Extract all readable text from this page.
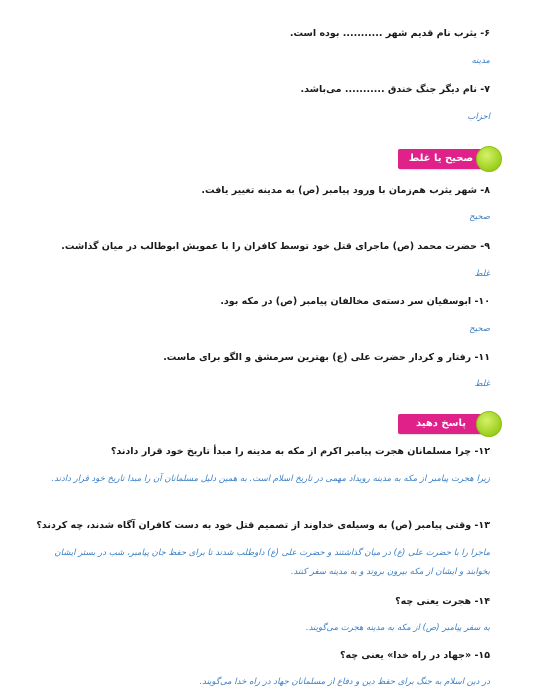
۶- یثرب نام قدیم شهر ........... بوده است.
مدینه
۷- نام دیگر جنگ خندق ........... می‌باشد.
احزاب
صحیح یا غلط
۸- شهر یثرب هم‌زمان با ورود پیامبر (ص) به مدینه تغییر یافت.
صحیح
۹- حضرت محمد (ص) ماجرای قتل خود توسط کافران را با عمویش ابوطالب در میان گذاشت.
غلط
۱۰- ابوسفیان سر دسته‌ی مخالفان پیامبر (ص) در مکه بود.
صحیح
۱۱- رفتار و کردار حضرت علی (ع) بهترین سرمشق و الگو برای ماست.
غلط
پاسخ دهید
۱۲- چرا مسلمانان هجرت پیامبر اکرم از مکه به مدینه را مبدأ تاریخ خود قرار دادند؟
زیرا هجرت پیامبر از مکه به مدینه رویداد مهمی در تاریخ اسلام است. به همین دلیل مسلمانان آن را مبدا تاریخ خود قرار دادند.
۱۳- وقتی پیامبر (ص) به وسیله‌ی خداوند از تصمیم قتل خود به دست کافران آگاه شدند، چه کردند؟
ماجرا را با حضرت علی (ع) در میان گذاشتند و حضرت علی (ع) داوطلب شدند تا برای حفظ جان پیامبر، شب در بستر ایشان بخوابند و ایشان از مکه بیرون بروند و به مدینه سفر کنند.
۱۴- هجرت یعنی چه؟
به سفر پیامبر (ص) از مکه به مدینه هجرت می‌گویند.
۱۵- «جهاد در راه خدا» یعنی چه؟
در دین اسلام به جنگ برای حفظ دین و دفاع از مسلمانان جهاد در راه خدا می‌گویند.
